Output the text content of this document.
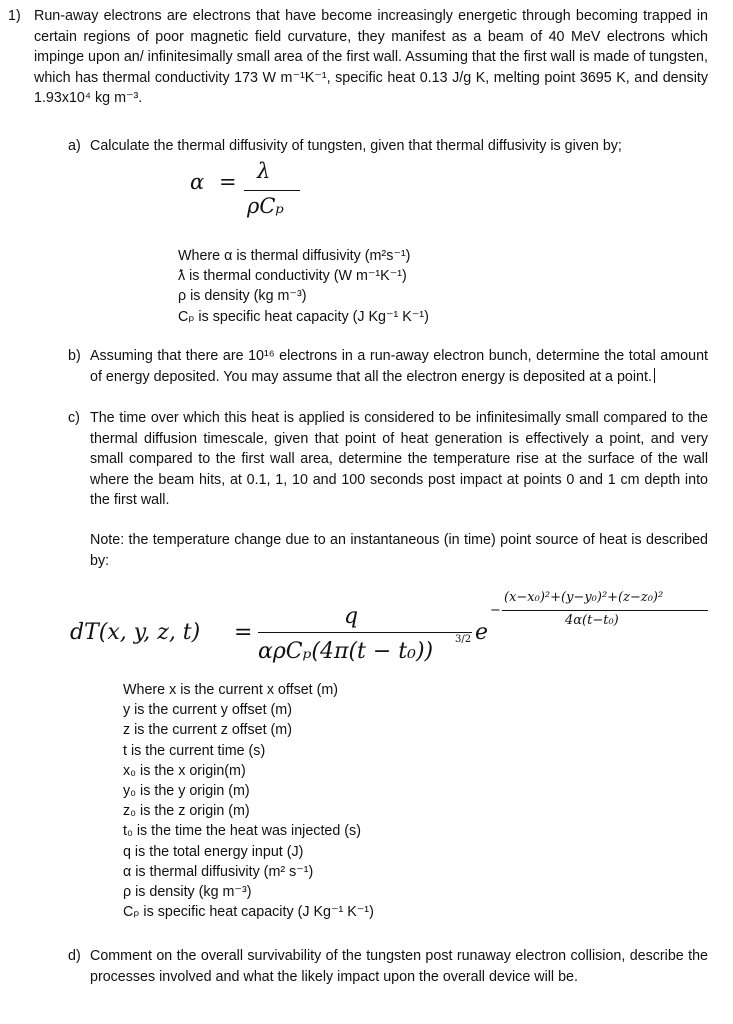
1) Run-away electrons are electrons that have become increasingly energetic through becoming trapped in certain regions of poor magnetic field curvature, they manifest as a beam of 40 MeV electrons which impinge upon an/ infinitesimally small area of the first wall. Assuming that the first wall is made of tungsten, which has thermal conductivity 173 W m⁻¹K⁻¹, specific heat 0.13 J/g K, melting point 3695 K, and density 1.93x10⁴ kg m⁻³.
a) Calculate the thermal diffusivity of tungsten, given that thermal diffusivity is given by;
α = λ
ρCₚ
Where α is thermal diffusivity (m²s⁻¹)
ƛ is thermal conductivity (W m⁻¹K⁻¹)
ρ is density (kg m⁻³)
Cₚ is specific heat capacity (J Kg⁻¹ K⁻¹)
b) Assuming that there are 10¹⁶ electrons in a run-away electron bunch, determine the total amount of energy deposited. You may assume that all the electron energy is deposited at a point.
c) The time over which this heat is applied is considered to be infinitesimally small compared to the thermal diffusion timescale, given that point of heat generation is effectively a point, and very small compared to the first wall area, determine the temperature rise at the surface of the wall where the beam hits, at 0.1, 1, 10 and 100 seconds post impact at points 0 and 1 cm depth into the first wall.
Note: the temperature change due to an instantaneous (in time) point source of heat is described by:
dT(x, y, z, t) =
q
αρCₚ(4π(t − t₀)) 3/2 e
−
(x−x₀)²+(y−y₀)²+(z−z₀)²
4α(t−t₀)
Where x is the current x offset (m)
y is the current y offset (m)
z is the current z offset (m)
t is the current time (s)
x₀ is the x origin(m)
y₀ is the y origin (m)
z₀ is the z origin (m)
t₀ is the time the heat was injected (s)
q is the total energy input (J)
α is thermal diffusivity (m² s⁻¹)
ρ is density (kg m⁻³)
Cₚ is specific heat capacity (J Kg⁻¹ K⁻¹)
d) Comment on the overall survivability of the tungsten post runaway electron collision, describe the processes involved and what the likely impact upon the overall device will be.
